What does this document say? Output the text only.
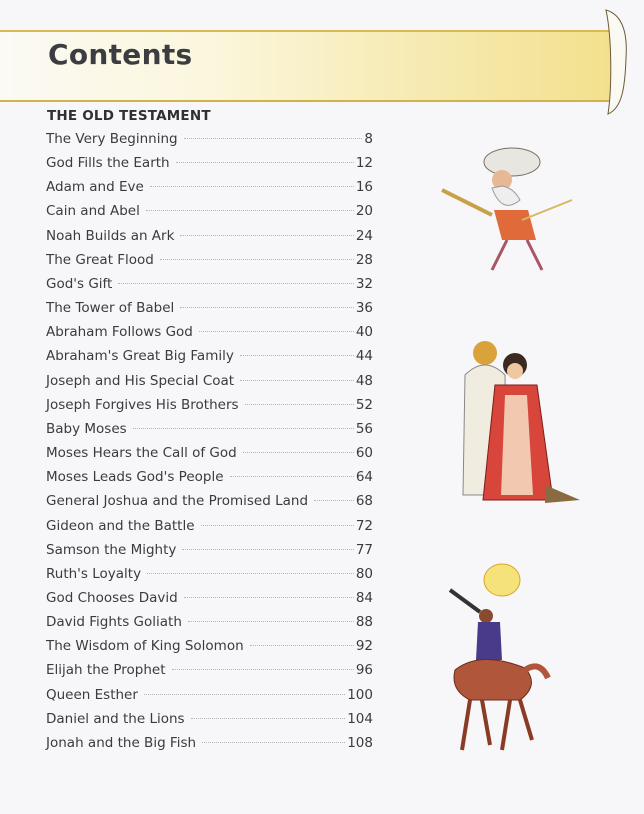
Contents
THE OLD TESTAMENT
The Very Beginning	8
God Fills the Earth	12
Adam and Eve	16
Cain and Abel	20
Noah Builds an Ark	24
The Great Flood	28
God's Gift	32
The Tower of Babel	36
Abraham Follows God	40
Abraham's Great Big Family	44
Joseph and His Special Coat	48
Joseph Forgives His Brothers	52
Baby Moses	56
Moses Hears the Call of God	60
Moses Leads God's People	64
General Joshua and the Promised Land	68
Gideon and the Battle	72
Samson the Mighty	77
Ruth's Loyalty	80
God Chooses David	84
David Fights Goliath	88
The Wisdom of King Solomon	92
Elijah the Prophet	96
Queen Esther	100
Daniel and the Lions	104
Jonah and the Big Fish	108
